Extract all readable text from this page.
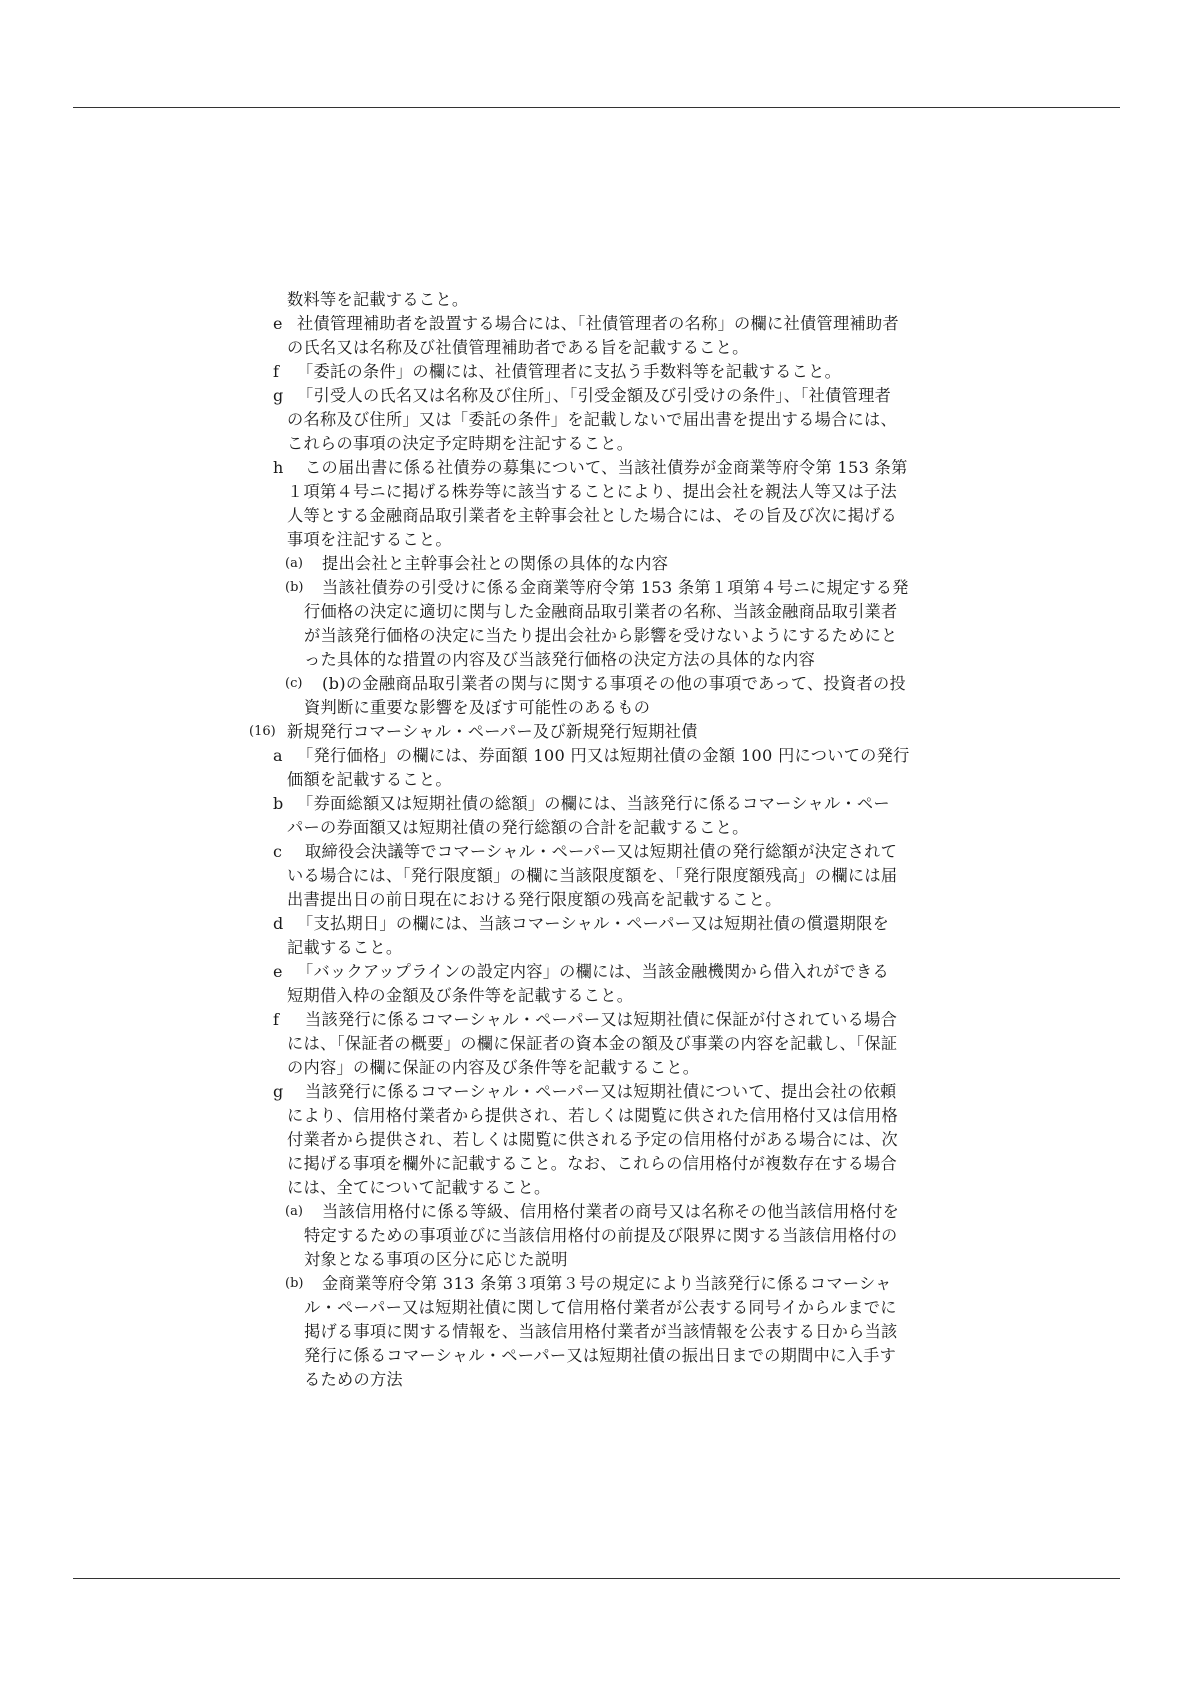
数料等を記載すること。
e 社債管理補助者を設置する場合には、「社債管理者の名称」の欄に社債管理補助者
の氏名又は名称及び社債管理補助者である旨を記載すること。
f 「委託の条件」の欄には、社債管理者に支払う手数料等を記載すること。
g 「引受人の氏名又は名称及び住所」、「引受金額及び引受けの条件」、「社債管理者
の名称及び住所」又は「委託の条件」を記載しないで届出書を提出する場合には、
これらの事項の決定予定時期を注記すること。
h この届出書に係る社債券の募集について、当該社債券が金商業等府令第 153 条第
１項第４号ニに掲げる株券等に該当することにより、提出会社を親法人等又は子法
人等とする金融商品取引業者を主幹事会社とした場合には、その旨及び次に掲げる
事項を注記すること。
(a) 提出会社と主幹事会社との関係の具体的な内容
(b) 当該社債券の引受けに係る金商業等府令第 153 条第１項第４号ニに規定する発
行価格の決定に適切に関与した金融商品取引業者の名称、当該金融商品取引業者
が当該発行価格の決定に当たり提出会社から影響を受けないようにするためにと
った具体的な措置の内容及び当該発行価格の決定方法の具体的な内容
(c) (b)の金融商品取引業者の関与に関する事項その他の事項であって、投資者の投
資判断に重要な影響を及ぼす可能性のあるもの
(16) 新規発行コマーシャル・ペーパー及び新規発行短期社債
a 「発行価格」の欄には、券面額 100 円又は短期社債の金額 100 円についての発行
価額を記載すること。
b 「券面総額又は短期社債の総額」の欄には、当該発行に係るコマーシャル・ペー
パーの券面額又は短期社債の発行総額の合計を記載すること。
c 取締役会決議等でコマーシャル・ペーパー又は短期社債の発行総額が決定されて
いる場合には、「発行限度額」の欄に当該限度額を、「発行限度額残高」の欄には届
出書提出日の前日現在における発行限度額の残高を記載すること。
d 「支払期日」の欄には、当該コマーシャル・ペーパー又は短期社債の償還期限を
記載すること。
e 「バックアップラインの設定内容」の欄には、当該金融機関から借入れができる
短期借入枠の金額及び条件等を記載すること。
f 当該発行に係るコマーシャル・ペーパー又は短期社債に保証が付されている場合
には、「保証者の概要」の欄に保証者の資本金の額及び事業の内容を記載し、「保証
の内容」の欄に保証の内容及び条件等を記載すること。
g 当該発行に係るコマーシャル・ペーパー又は短期社債について、提出会社の依頼
により、信用格付業者から提供され、若しくは閲覧に供された信用格付又は信用格
付業者から提供され、若しくは閲覧に供される予定の信用格付がある場合には、次
に掲げる事項を欄外に記載すること。なお、これらの信用格付が複数存在する場合
には、全てについて記載すること。
(a) 当該信用格付に係る等級、信用格付業者の商号又は名称その他当該信用格付を
特定するための事項並びに当該信用格付の前提及び限界に関する当該信用格付の
対象となる事項の区分に応じた説明
(b) 金商業等府令第 313 条第３項第３号の規定により当該発行に係るコマーシャ
ル・ペーパー又は短期社債に関して信用格付業者が公表する同号イからルまでに
掲げる事項に関する情報を、当該信用格付業者が当該情報を公表する日から当該
発行に係るコマーシャル・ペーパー又は短期社債の振出日までの期間中に入手す
るための方法
